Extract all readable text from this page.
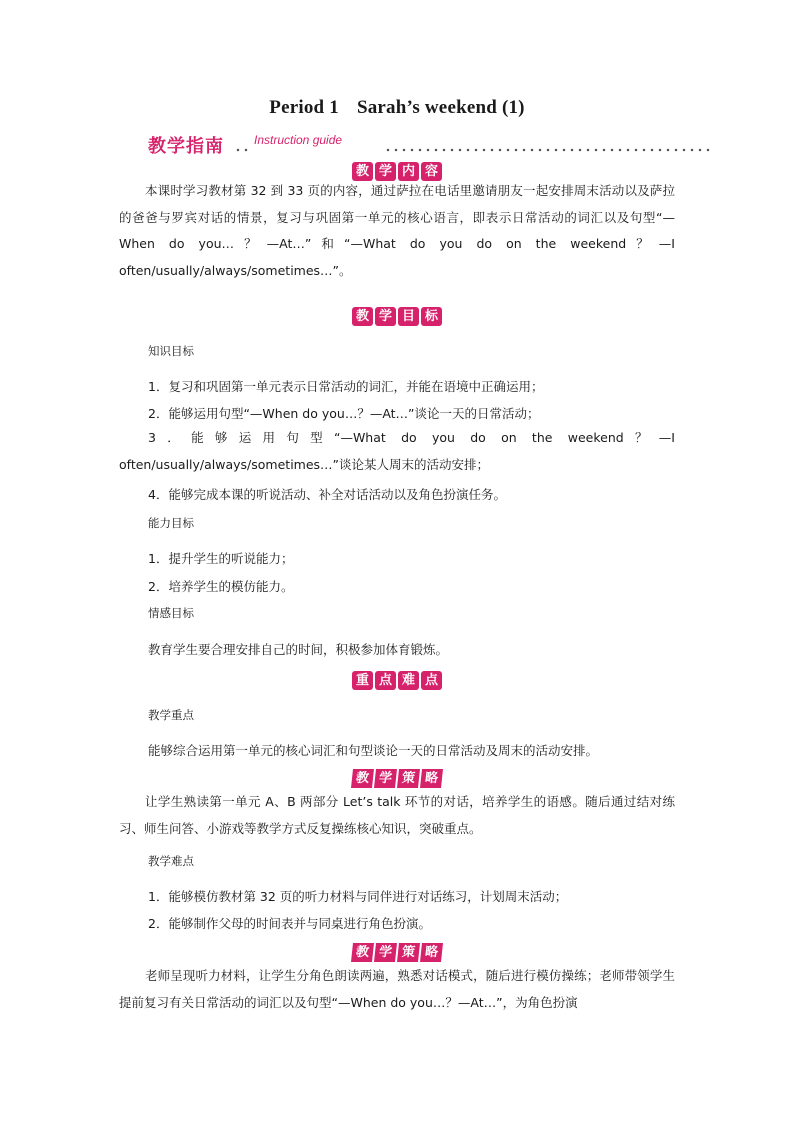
Period 1 Sarah’s weekend (1)
教学指南	Instruction guide
教 学 内 容

本课时学习教材第 32 到 33 页的内容，通过萨拉在电话里邀请朋友一起安排周末活动以及萨拉的爸爸与罗宾对话的情景，复习与巩固第一单元的核心语言，即表示日常活动的词汇以及句型“—When do you…？—At…”和“—What do you do on the weekend？—I often/usually/always/sometimes…”。

教 学 目 标
知识目标
1．复习和巩固第一单元表示日常活动的词汇，并能在语境中正确运用；
2．能够运用句型“—When do you…？—At…”谈论一天的日常活动；

3．能够运用句型“—What do you do on the weekend？—I often/usually/always/sometimes…”谈论某人周末的活动安排；

4．能够完成本课的听说活动、补全对话活动以及角色扮演任务。
能力目标
1．提升学生的听说能力；
2．培养学生的模仿能力。
情感目标
教育学生要合理安排自己的时间，积极参加体育锻炼。
重 点 难 点
教学重点
能够综合运用第一单元的核心词汇和句型谈论一天的日常活动及周末的活动安排。
教 学 策 略

让学生熟读第一单元 A、B 两部分 Let’s talk 环节的对话，培养学生的语感。随后通过结对练习、师生问答、小游戏等教学方式反复操练核心知识，突破重点。

教学难点
1．能够模仿教材第 32 页的听力材料与同伴进行对话练习，计划周末活动；
2．能够制作父母的时间表并与同桌进行角色扮演。
教 学 策 略

老师呈现听力材料，让学生分角色朗读两遍，熟悉对话模式，随后进行模仿操练；老师带领学生提前复习有关日常活动的词汇以及句型“—When do you…？—At…”，为角色扮演
